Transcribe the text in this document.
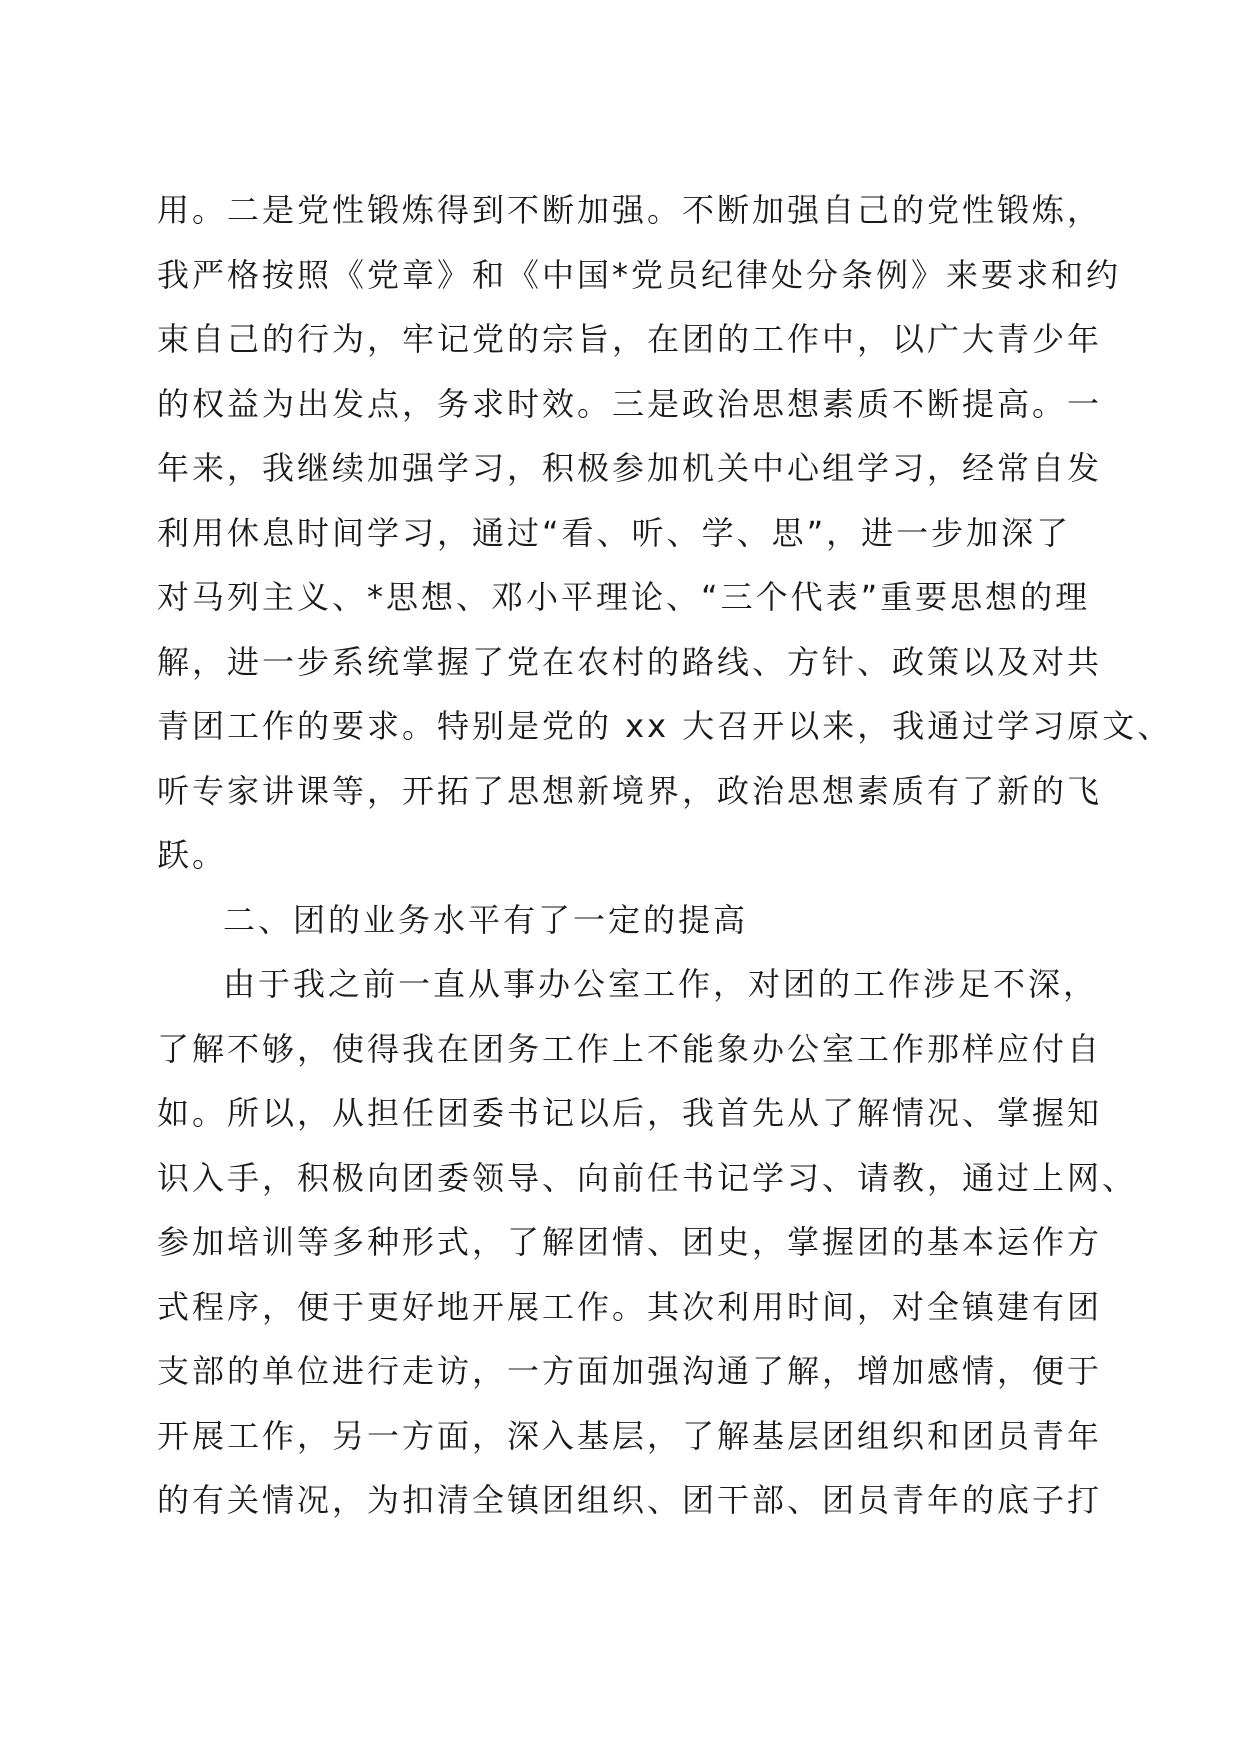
用。二是党性锻炼得到不断加强。不断加强自己的党性锻炼，
我严格按照《党章》和《中国*党员纪律处分条例》来要求和约
束自己的行为，牢记党的宗旨，在团的工作中，以广大青少年
的权益为出发点，务求时效。三是政治思想素质不断提高。一
年来，我继续加强学习，积极参加机关中心组学习，经常自发
利用休息时间学习，通过“看、听、学、思”，进一步加深了
对马列主义、*思想、邓小平理论、“三个代表”重要思想的理
解，进一步系统掌握了党在农村的路线、方针、政策以及对共
青团工作的要求。特别是党的 xx 大召开以来，我通过学习原文、
听专家讲课等，开拓了思想新境界，政治思想素质有了新的飞
跃。
二、团的业务水平有了一定的提高
由于我之前一直从事办公室工作，对团的工作涉足不深，
了解不够，使得我在团务工作上不能象办公室工作那样应付自
如。所以，从担任团委书记以后，我首先从了解情况、掌握知
识入手，积极向团委领导、向前任书记学习、请教，通过上网、
参加培训等多种形式，了解团情、团史，掌握团的基本运作方
式程序，便于更好地开展工作。其次利用时间，对全镇建有团
支部的单位进行走访，一方面加强沟通了解，增加感情，便于
开展工作，另一方面，深入基层，了解基层团组织和团员青年
的有关情况，为扣清全镇团组织、团干部、团员青年的底子打
